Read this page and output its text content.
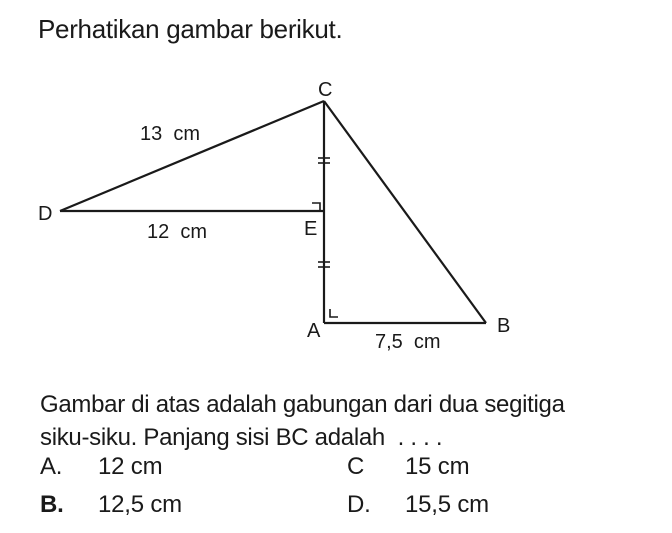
Perhatikan gambar berikut.
C
D
E
A	B
13  cm
12  cm
7,5  cm
Gambar di atas adalah gabungan dari dua segitiga
siku-siku. Panjang sisi BC adalah  . . . .
A. 12 cm
B. 12,5 cm
C 15 cm
D. 15,5 cm
